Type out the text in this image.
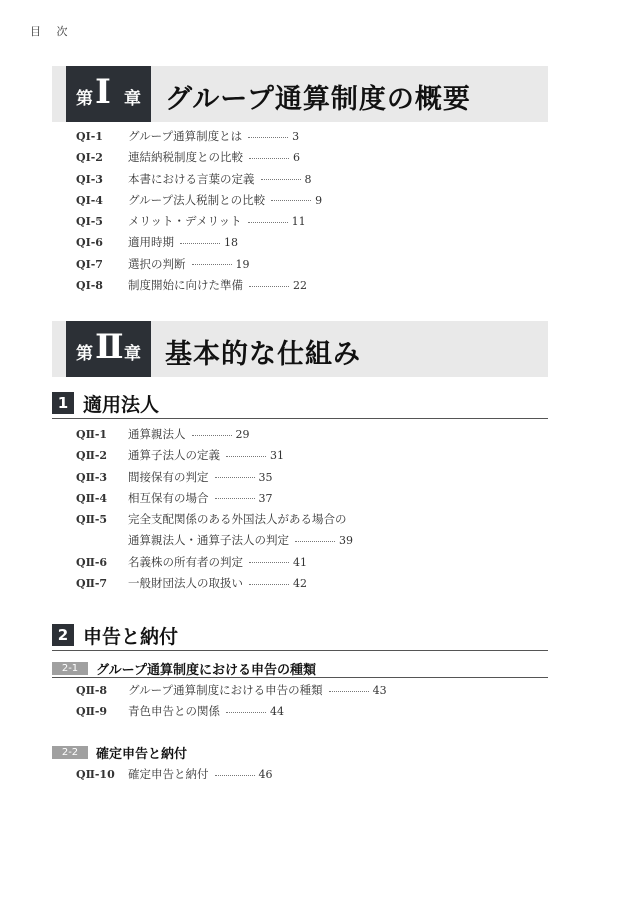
目 次
第 Ⅰ 章 グループ通算制度の概要
QⅠ-1 グループ通算制度とは	3
QⅠ-2 連結納税制度との比較	6
QⅠ-3 本書における言葉の定義	8
QⅠ-4 グループ法人税制との比較	9
QⅠ-5 メリット・デメリット	11
QⅠ-6 適用時期	18
QⅠ-7 選択の判断	19
QⅠ-8 制度開始に向けた準備	22
第 Ⅱ 章 基本的な仕組み
1 適用法人
QⅡ-1 通算親法人	29
QⅡ-2 通算子法人の定義	31
QⅡ-3 間接保有の判定	35
QⅡ-4 相互保有の場合	37
QⅡ-5 完全支配関係のある外国法人がある場合の
通算親法人・通算子法人の判定	39
QⅡ-6 名義株の所有者の判定	41
QⅡ-7 一般財団法人の取扱い	42
2 申告と納付
2-1	グループ通算制度における申告の種類
QⅡ-8 グループ通算制度における申告の種類	43
QⅡ-9 青色申告との関係	44
2-2	確定申告と納付
QⅡ-10 確定申告と納付	46
